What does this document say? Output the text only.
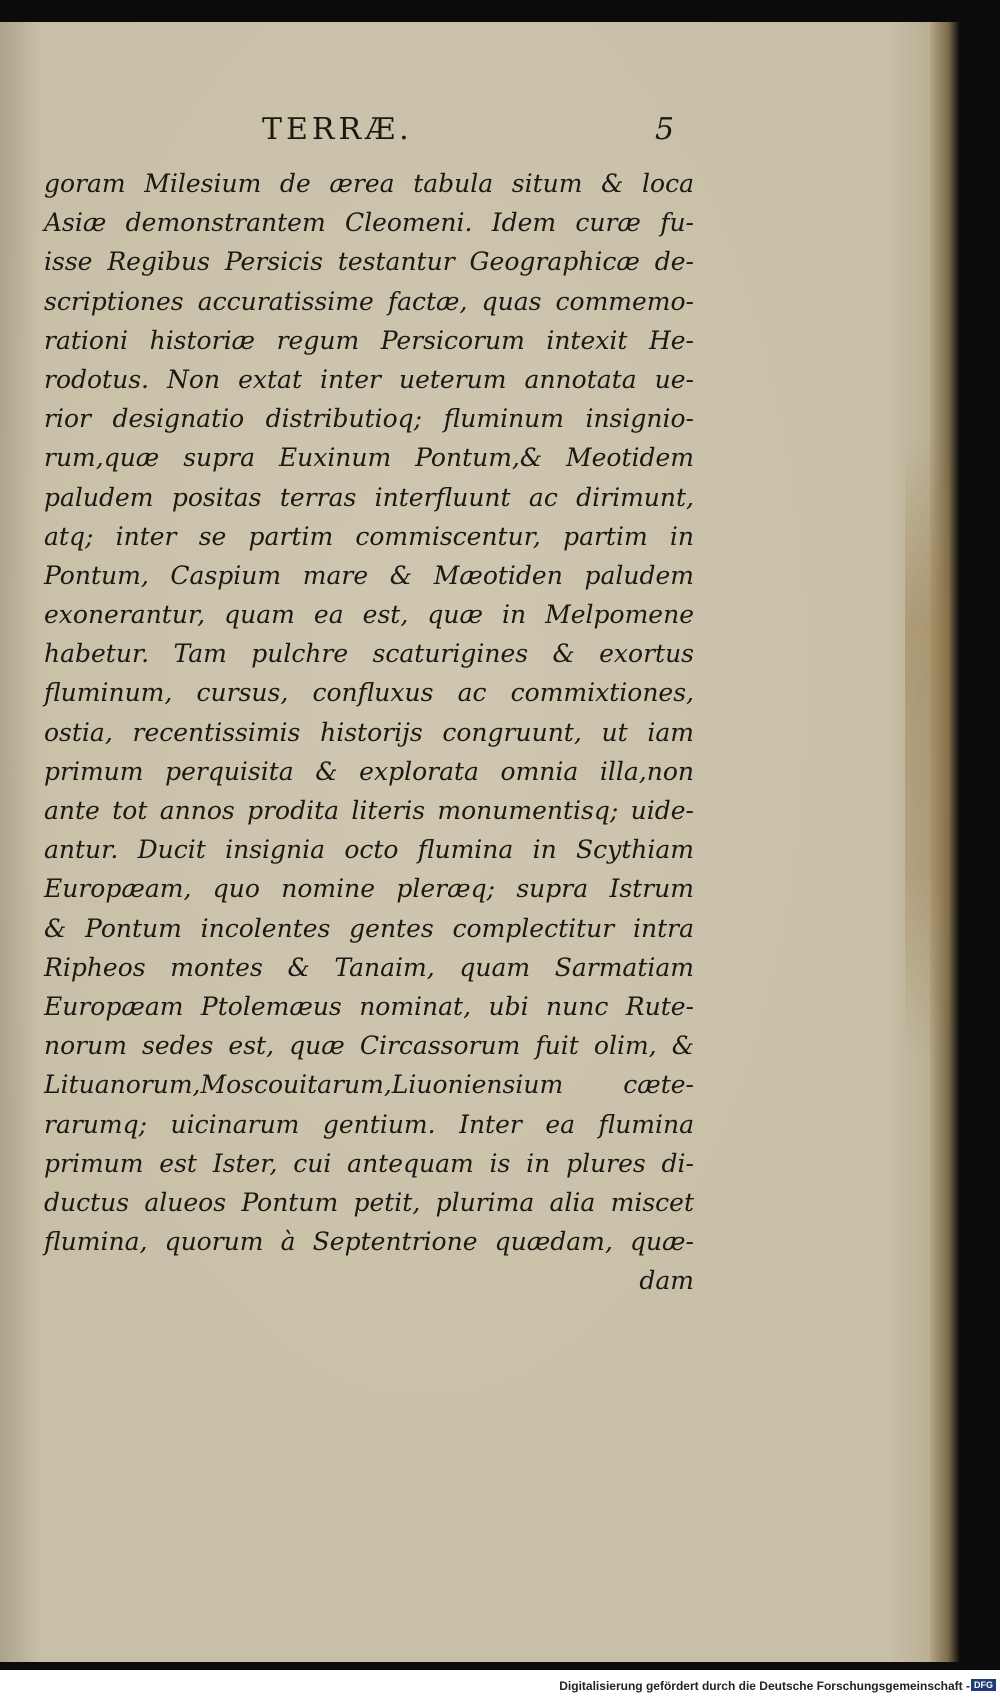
TERRÆ.	5
goram Milesium de ærea tabula situm & loca
Asiæ demonstrantem Cleomeni. Idem curæ fu-
isse Regibus Persicis testantur Geographicæ de-
scriptiones accuratissime factæ, quas commemo-
rationi historiæ regum Persicorum intexit He-
rodotus. Non extat inter ueterum annotata ue-
rior designatio distributioq; fluminum insignio-
rum,quæ supra Euxinum Pontum,& Meotidem
paludem positas terras interfluunt ac dirimunt,
atq; inter se partim commiscentur, partim in
Pontum, Caspium mare & Mæotiden paludem
exonerantur, quam ea est, quæ in Melpomene
habetur. Tam pulchre scaturigines & exortus
fluminum, cursus, confluxus ac commixtiones,
ostia, recentissimis historijs congruunt, ut iam
primum perquisita & explorata omnia illa,non
ante tot annos prodita literis monumentisq; uide-
antur. Ducit insignia octo flumina in Scythiam
Europæam, quo nomine pleræq; supra Istrum
& Pontum incolentes gentes complectitur intra
Ripheos montes & Tanaim, quam Sarmatiam
Europæam Ptolemæus nominat, ubi nunc Rute-
norum sedes est, quæ Circassorum fuit olim, &
Lituanorum,Moscouitarum,Liuoniensium cæte-
rarumq; uicinarum gentium. Inter ea flumina
primum est Ister, cui antequam is in plures di-
ductus alueos Pontum petit, plurima alia miscet
flumina, quorum à Septentrione quædam, quæ-
dam
Digitalisierung gefördert durch die Deutsche Forschungsgemeinschaft - DFG
